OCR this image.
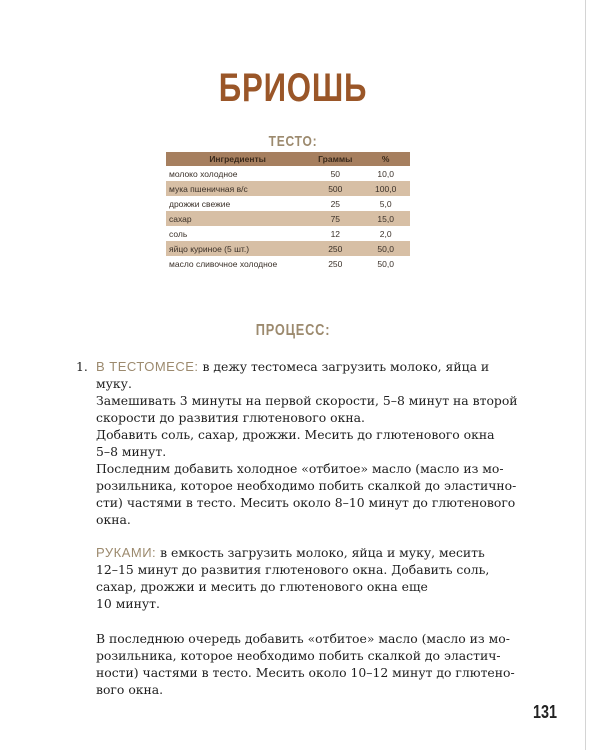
БРИОШЬ
ТЕСТО:
Ингредиенты	Граммы	%
молоко холодное	50	10,0
мука пшеничная в/с	500	100,0
дрожжи свежие	25	5,0
сахар	75	15,0
соль	12	2,0
яйцо куриное (5 шт.)	250	50,0
масло сливочное холодное	250	50,0
ПРОЦЕСС:
1. В ТЕСТОМЕСЕ: в дежу тестомеса загрузить молоко, яйца и муку.

Замешивать 3 минуты на первой скорости, 5–8 минут на второй

скорости до развития глютенового окна.

Добавить соль, сахар, дрожжи. Месить до глютенового окна

5–8 минут.

Последним добавить холодное «отбитое» масло (масло из мо-

розильника, которое необходимо побить скалкой до эластично-

сти) частями в тесто. Месить около 8–10 минут до глютенового

окна.

РУКАМИ: в емкость загрузить молоко, яйца и муку, месить

12–15 минут до развития глютенового окна. Добавить соль,

сахар, дрожжи и месить до глютенового окна еще

10 минут.

В последнюю очередь добавить «отбитое» масло (масло из мо-

розильника, которое необходимо побить скалкой до эластич-

ности) частями в тесто. Месить около 10–12 минут до глютено-

вого окна.

131
